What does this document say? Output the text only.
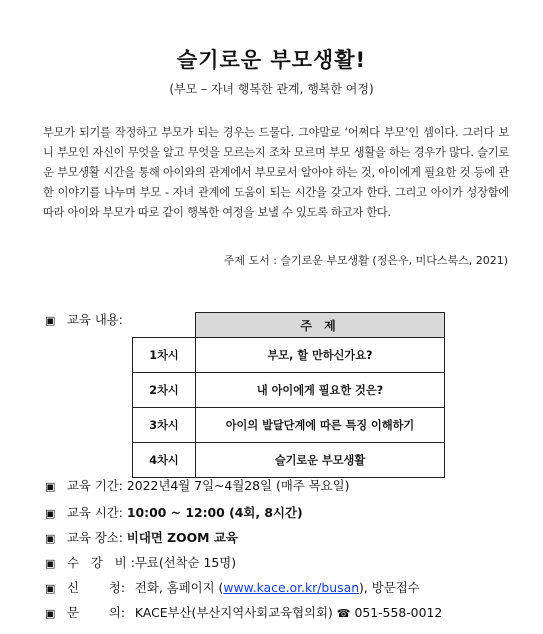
슬기로운 부모생활!
(부모 – 자녀 행복한 관계, 행복한 여정)
부모가 되기를 작정하고 부모가 되는 경우는 드물다. 그야말로 ‘어쩌다 부모’인 셈이다. 그러다 보니 부모인 자신이 무엇을 알고 무엇을 모르는지 조차 모르며 부모 생활을 하는 경우가 많다. 슬기로운 부모생활 시간을 통해 아이와의 관계에서 부모로서 알아야 하는 것, 아이에게 필요한 것 등에 관한 이야기를 나누며 부모 - 자녀 관계에 도움이 되는 시간을 갖고자 한다. 그리고 아이가 성장함에 따라 아이와 부모가 따로 같이 행복한 여정을 보낼 수 있도록 하고자 한다.
주제 도서 : 슬기로운 부모생활 (정은우, 미다스북스, 2021)
▣ 교육 내용:
		주 제
1차시	부모, 할 만하신가요?
2차시	내 아이에게 필요한 것은?
3차시	아이의 발달단계에 따른 특징 이해하기
4차시	슬기로운 부모생활
▣ 교육 기간: 2022년4월 7일~4월28일 (매주 목요일)
▣ 교육 시간: 10:00 ~ 12:00 (4회, 8시간)
▣ 교육 장소: 비대면 ZOOM 교육
▣ 수 강 비: 무료(선착순 15명)
▣ 신 청: 전화, 홈페이지 (www.kace.or.kr/busan), 방문접수
▣ 문 의: KACE부산(부산지역사회교육협의회) ☎ 051-558-0012
